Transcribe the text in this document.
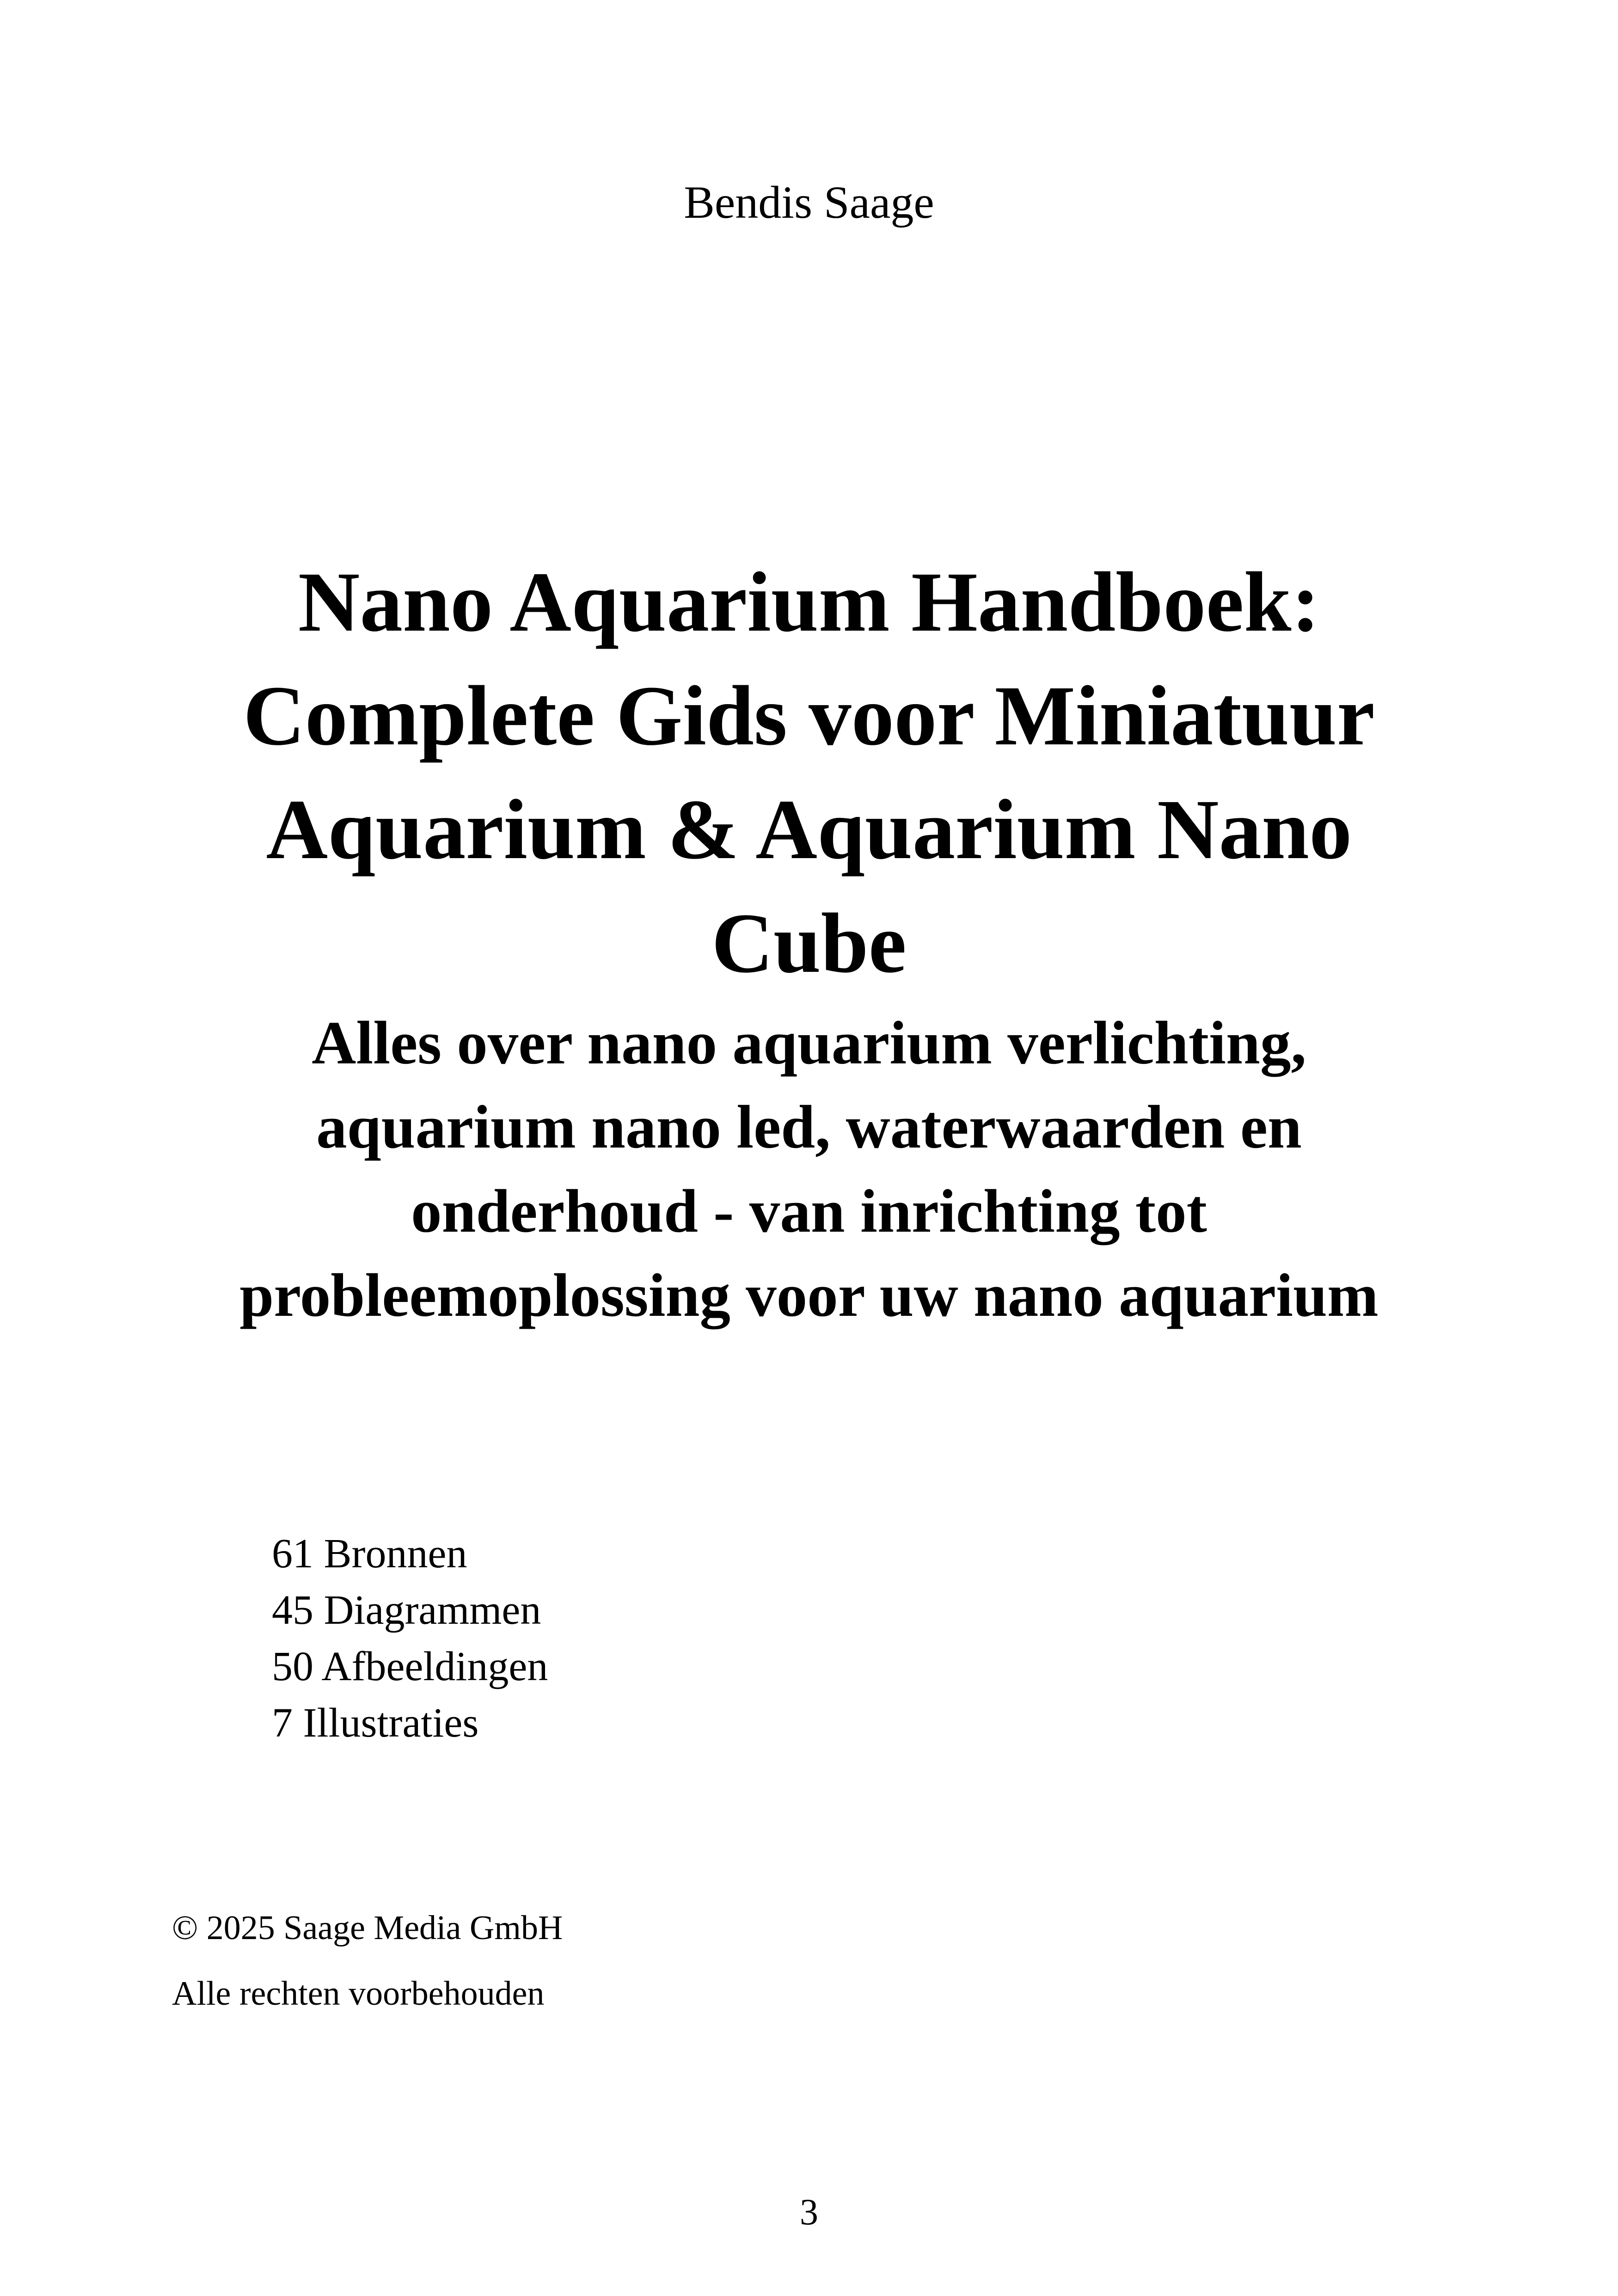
Bendis Saage
Nano Aquarium Handboek:
Complete Gids voor Miniatuur
Aquarium & Aquarium Nano
Cube
Alles over nano aquarium verlichting,
aquarium nano led, waterwaarden en
onderhoud - van inrichting tot
probleemoplossing voor uw nano aquarium
61 Bronnen
45 Diagrammen
50 Afbeeldingen
7 Illustraties
© 2025 Saage Media GmbH
Alle rechten voorbehouden
3
